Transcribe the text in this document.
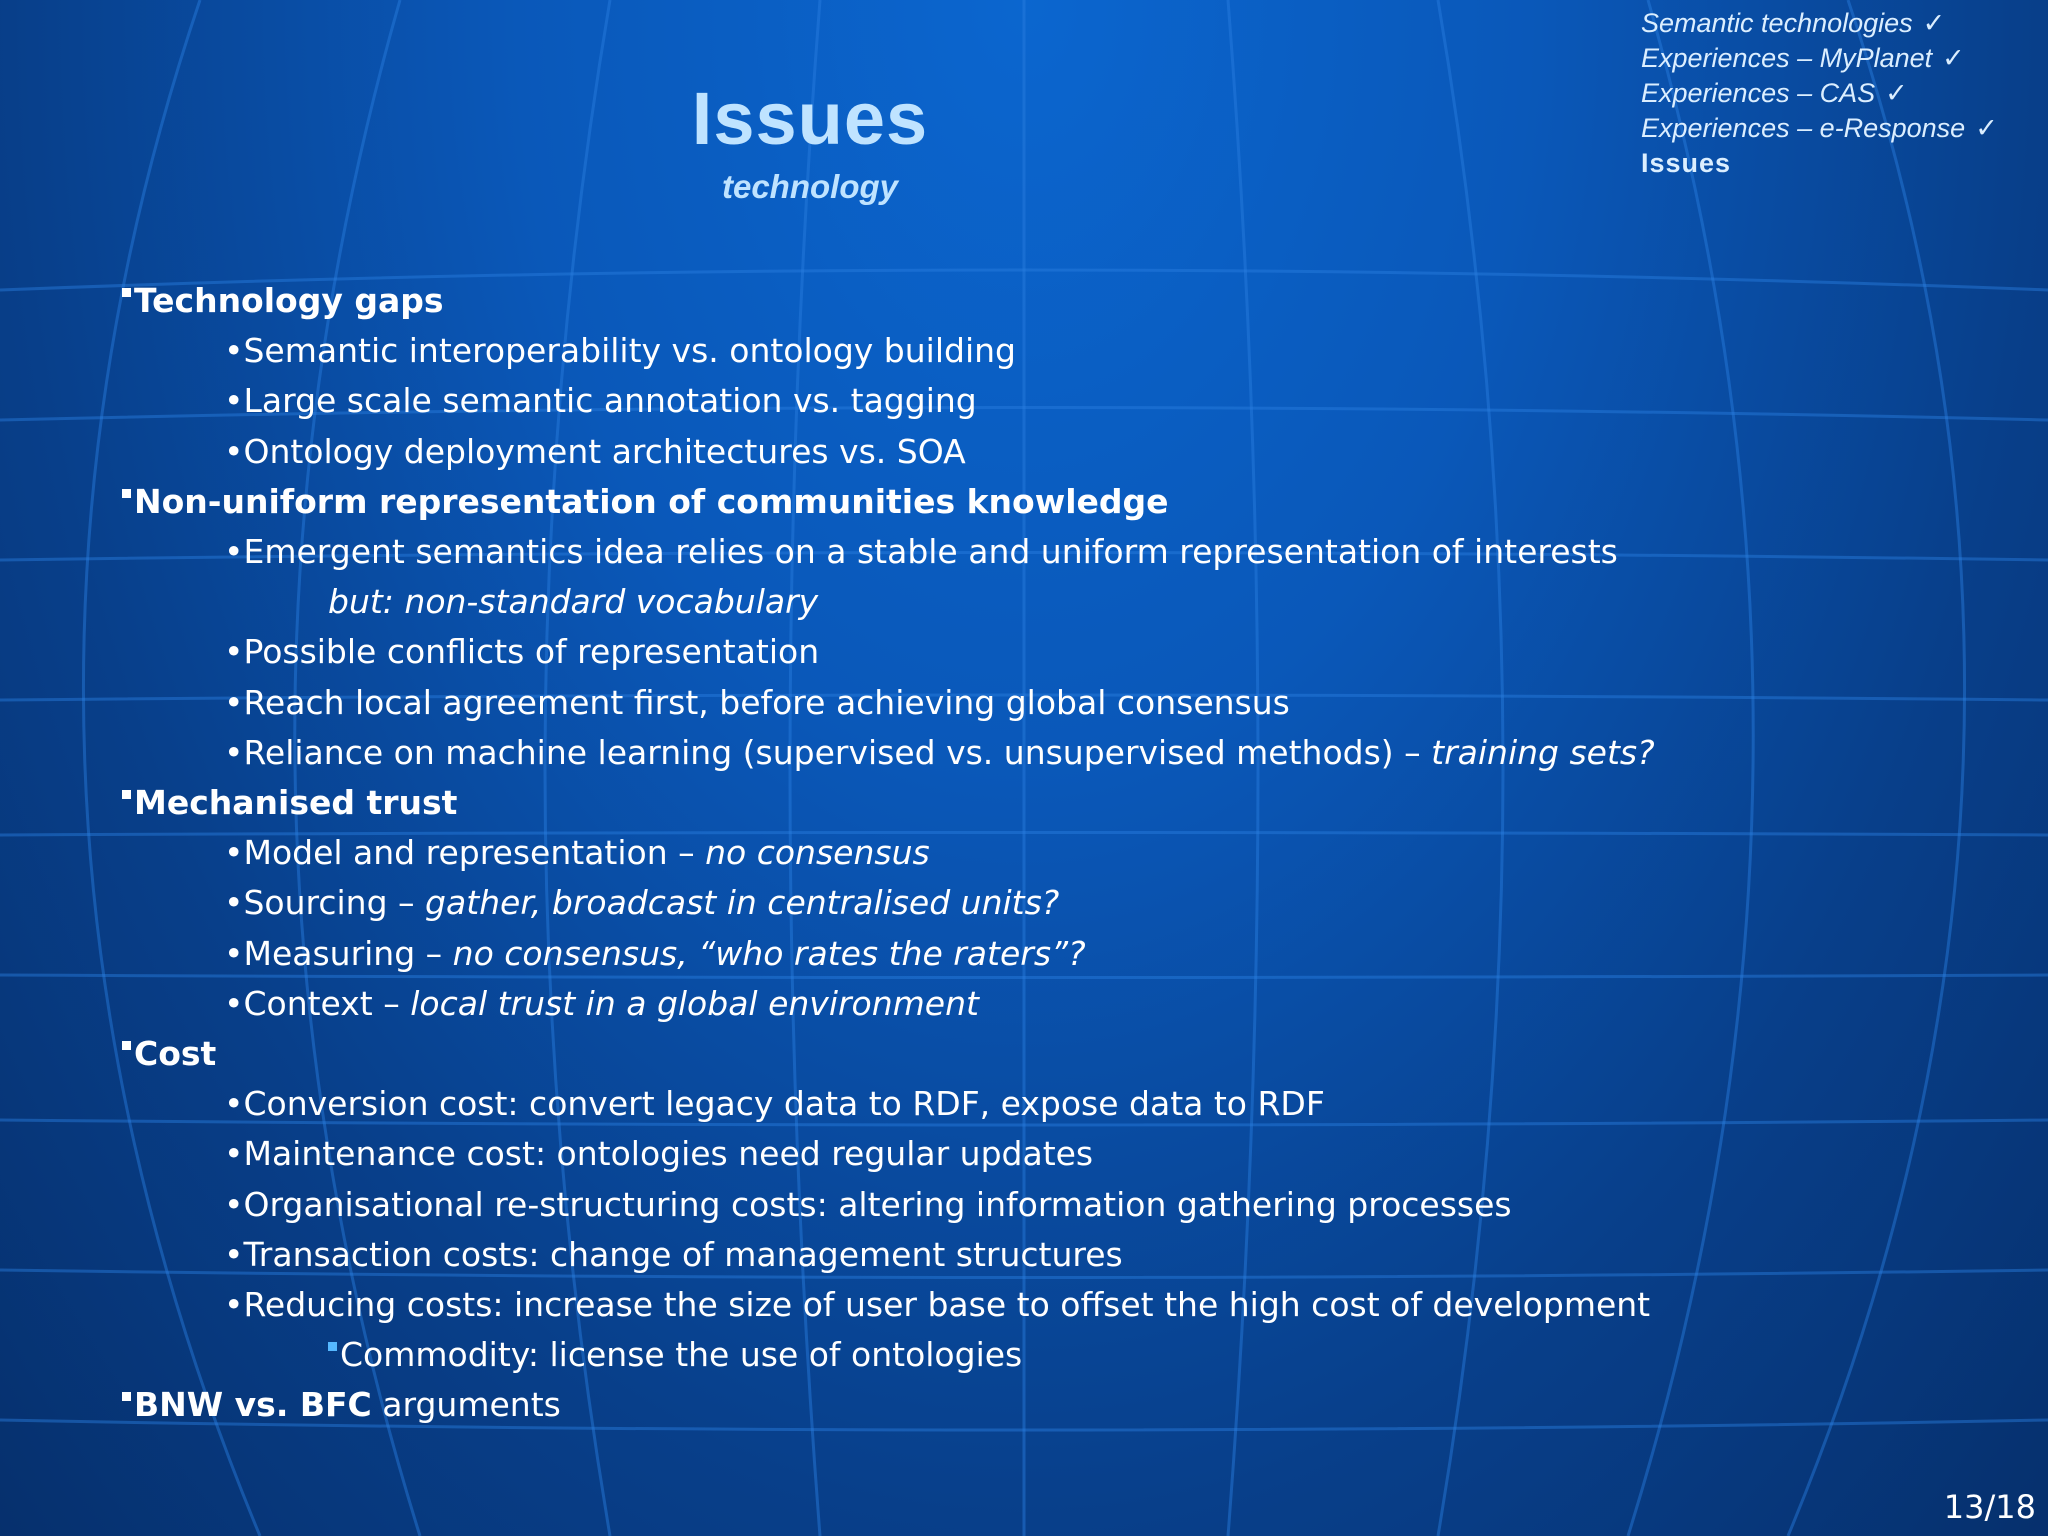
Issues
technology
Semantic technologies ✓
Experiences – MyPlanet ✓
Experiences – CAS ✓
Experiences – e-Response ✓
Issues
Technology gaps
•Semantic interoperability vs. ontology building
•Large scale semantic annotation vs. tagging
•Ontology deployment architectures vs. SOA
Non-uniform representation of communities knowledge
•Emergent semantics idea relies on a stable and uniform representation of interests
but: non-standard vocabulary
•Possible conflicts of representation
•Reach local agreement first, before achieving global consensus
•Reliance on machine learning (supervised vs. unsupervised methods) – training sets?
Mechanised trust
•Model and representation – no consensus
•Sourcing – gather, broadcast in centralised units?
•Measuring – no consensus, “who rates the raters”?
•Context – local trust in a global environment
Cost
•Conversion cost: convert legacy data to RDF, expose data to RDF
•Maintenance cost: ontologies need regular updates
•Organisational re-structuring costs: altering information gathering processes
•Transaction costs: change of management structures
•Reducing costs: increase the size of user base to offset the high cost of development
Commodity: license the use of ontologies
BNW vs. BFC arguments
13/18
